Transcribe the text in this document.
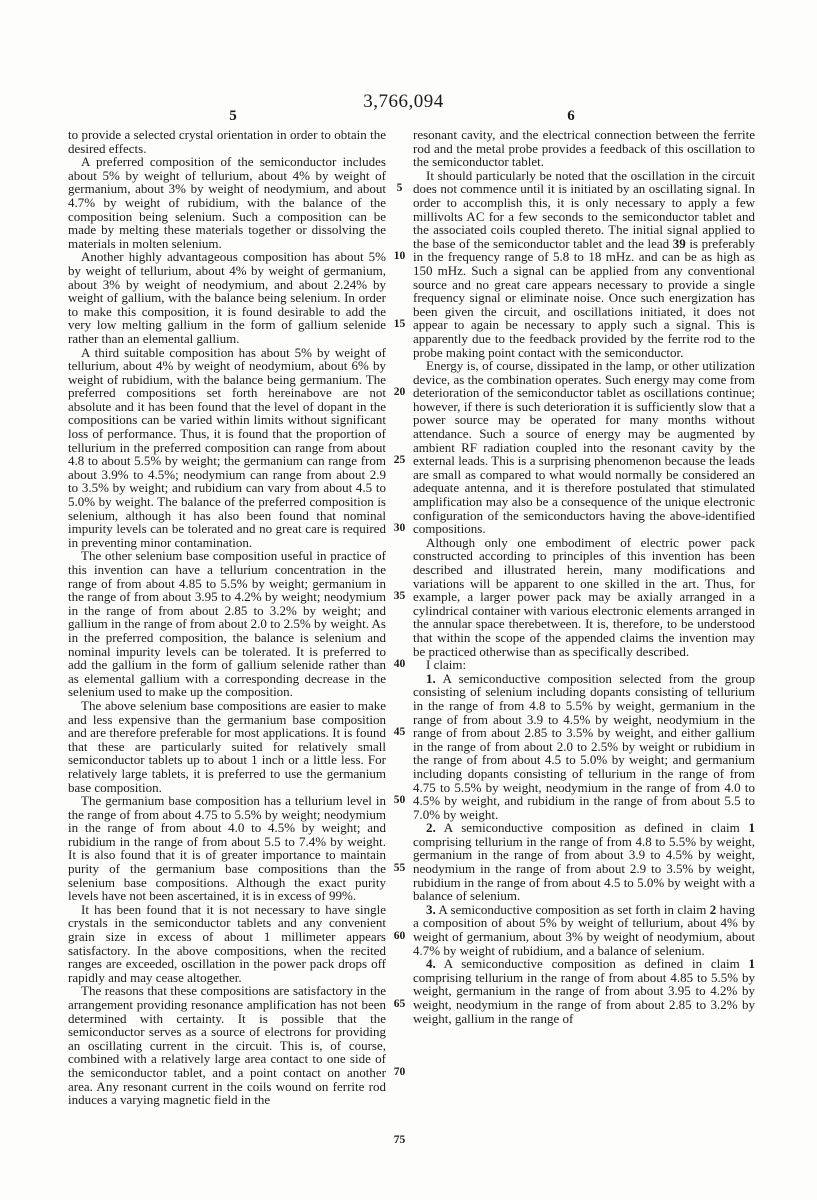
3,766,094
5	6

to provide a selected crystal orientation in order to obtain the desired effects.

A preferred composition of the semiconductor includes about 5% by weight of tellurium, about 4% by weight of germanium, about 3% by weight of neodymium, and about 4.7% by weight of rubidium, with the balance of the composition being selenium. Such a composition can be made by melting these materials together or dissolving the materials in molten selenium.

Another highly advantageous composition has about 5% by weight of tellurium, about 4% by weight of germanium, about 3% by weight of neodymium, and about 2.24% by weight of gallium, with the balance being selenium. In order to make this composition, it is found desirable to add the very low melting gallium in the form of gallium selenide rather than an elemental gallium.

A third suitable composition has about 5% by weight of tellurium, about 4% by weight of neodymium, about 6% by weight of rubidium, with the balance being germanium. The preferred compositions set forth hereinabove are not absolute and it has been found that the level of dopant in the compositions can be varied within limits without significant loss of performance. Thus, it is found that the proportion of tellurium in the preferred composition can range from about 4.8 to about 5.5% by weight; the germanium can range from about 3.9% to 4.5%; neodymium can range from about 2.9 to 3.5% by weight; and rubidium can vary from about 4.5 to 5.0% by weight. The balance of the preferred composition is selenium, although it has also been found that nominal impurity levels can be tolerated and no great care is required in preventing minor contamination.

The other selenium base composition useful in practice of this invention can have a tellurium concentration in the range of from about 4.85 to 5.5% by weight; germanium in the range of from about 3.95 to 4.2% by weight; neodymium in the range of from about 2.85 to 3.2% by weight; and gallium in the range of from about 2.0 to 2.5% by weight. As in the preferred composition, the balance is selenium and nominal impurity levels can be tolerated. It is preferred to add the gallium in the form of gallium selenide rather than as elemental gallium with a corresponding decrease in the selenium used to make up the composition.

The above selenium base compositions are easier to make and less expensive than the germanium base composition and are therefore preferable for most applications. It is found that these are particularly suited for relatively small semiconductor tablets up to about 1 inch or a little less. For relatively large tablets, it is preferred to use the germanium base composition.

The germanium base composition has a tellurium level in the range of from about 4.75 to 5.5% by weight; neodymium in the range of from about 4.0 to 4.5% by weight; and rubidium in the range of from about 5.5 to 7.4% by weight. It is also found that it is of greater importance to maintain purity of the germanium base compositions than the selenium base compositions. Although the exact purity levels have not been ascertained, it is in excess of 99%.

It has been found that it is not necessary to have single crystals in the semiconductor tablets and any convenient grain size in excess of about 1 millimeter appears satisfactory. In the above compositions, when the recited ranges are exceeded, oscillation in the power pack drops off rapidly and may cease altogether.

The reasons that these compositions are satisfactory in the arrangement providing resonance amplification has not been determined with certainty. It is possible that the semiconductor serves as a source of electrons for providing an oscillating current in the circuit. This is, of course, combined with a relatively large area contact to one side of the semiconductor tablet, and a point contact on another area. Any resonant current in the coils wound on ferrite rod induces a varying magnetic field in the

5
10
15
20
25
30
35
40
45
50
55
60
65
70
75

resonant cavity, and the electrical connection between the ferrite rod and the metal probe provides a feedback of this oscillation to the semiconductor tablet.

It should particularly be noted that the oscillation in the circuit does not commence until it is initiated by an oscillating signal. In order to accomplish this, it is only necessary to apply a few millivolts AC for a few seconds to the semiconductor tablet and the associated coils coupled thereto. The initial signal applied to the base of the semiconductor tablet and the lead 39 is preferably in the frequency range of 5.8 to 18 mHz. and can be as high as 150 mHz. Such a signal can be applied from any conventional source and no great care appears necessary to provide a single frequency signal or eliminate noise. Once such energization has been given the circuit, and oscillations initiated, it does not appear to again be necessary to apply such a signal. This is apparently due to the feedback provided by the ferrite rod to the probe making point contact with the semiconductor.

Energy is, of course, dissipated in the lamp, or other utilization device, as the combination operates. Such energy may come from deterioration of the semiconductor tablet as oscillations continue; however, if there is such deterioration it is sufficiently slow that a power source may be operated for many months without attendance. Such a source of energy may be augmented by ambient RF radiation coupled into the resonant cavity by the external leads. This is a surprising phenomenon because the leads are small as compared to what would normally be considered an adequate antenna, and it is therefore postulated that stimulated amplification may also be a consequence of the unique electronic configuration of the semiconductors having the above-identified compositions.

Although only one embodiment of electric power pack constructed according to principles of this invention has been described and illustrated herein, many modifications and variations will be apparent to one skilled in the art. Thus, for example, a larger power pack may be axially arranged in a cylindrical container with various electronic elements arranged in the annular space therebetween. It is, therefore, to be understood that within the scope of the appended claims the invention may be practiced otherwise than as specifically described.

I claim:

1. A semiconductive composition selected from the group consisting of selenium including dopants consisting of tellurium in the range of from 4.8 to 5.5% by weight, germanium in the range of from about 3.9 to 4.5% by weight, neodymium in the range of from about 2.85 to 3.5% by weight, and either gallium in the range of from about 2.0 to 2.5% by weight or rubidium in the range of from about 4.5 to 5.0% by weight; and germanium including dopants consisting of tellurium in the range of from 4.75 to 5.5% by weight, neodymium in the range of from 4.0 to 4.5% by weight, and rubidium in the range of from about 5.5 to 7.0% by weight.

2. A semiconductive composition as defined in claim 1 comprising tellurium in the range of from 4.8 to 5.5% by weight, germanium in the range of from about 3.9 to 4.5% by weight, neodymium in the range of from about 2.9 to 3.5% by weight, rubidium in the range of from about 4.5 to 5.0% by weight with a balance of selenium.

3. A semiconductive composition as set forth in claim 2 having a composition of about 5% by weight of tellurium, about 4% by weight of germanium, about 3% by weight of neodymium, about 4.7% by weight of rubidium, and a balance of selenium.

4. A semiconductive composition as defined in claim 1 comprising tellurium in the range of from about 4.85 to 5.5% by weight, germanium in the range of from about 3.95 to 4.2% by weight, neodymium in the range of from about 2.85 to 3.2% by weight, gallium in the range of
